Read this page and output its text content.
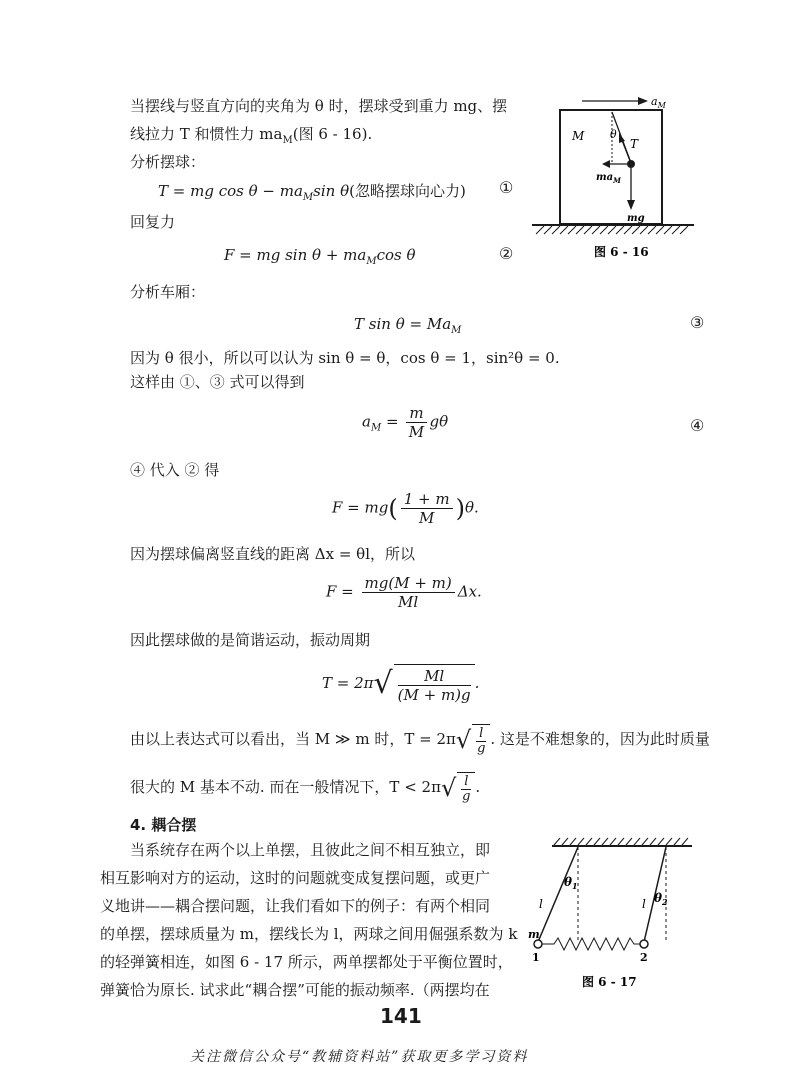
当摆线与竖直方向的夹角为 θ 时，摆球受到重力 mg、摆
线拉力 T 和惯性力 $ma_M$(图 6 - 16).
$a_M$
M θ
T
$ma_M$
mg
图 6 - 16
分析摆球：
T = mg $\cos \theta - ma_M\sin$ θ(忽略摆球向心力) ①
回复力
F = mg $\sin \theta + ma_M\cos$ θ	②
分析车厢：
T $\sin \theta = Ma_M$	③
因为 θ 很小，所以可以认为 sin θ = θ，cos θ = 1，sin²θ = 0.
这样由 ①、③ 式可以得到
$a_M = \frac{m}{M}$ gθ	④
④ 代入 ② 得
$F = mg( \frac{1 + m}{M} )\theta$.
因为摆球偏离竖直线的距离 Δx = θl，所以
$F = \frac{mg(M + m)}{Ml} \Delta x$.
因此摆球做的是简谐运动，振动周期
$T = 2\pi√ \frac{Ml}{(M + m)g}$ .
由以上表达式可以看出，当 M ≫ m 时，$T = 2\pi√ \frac{l}{g}$ . 这是不难想象的，因为此时质量
很大的 M 基本不动. 而在一般情况下，$T < 2\pi√ \frac{l}{g}$ .
4. 耦合摆
当系统存在两个以上单摆，且彼此之间不相互独立，即
相互影响对方的运动，这时的问题就变成复摆问题，或更广
义地讲——耦合摆问题，让我们看如下的例子：有两个相同
的单摆，摆球质量为 m，摆线长为 l，两球之间用倔强系数为 k
的轻弹簧相连，如图 6 - 17 所示，两单摆都处于平衡位置时，
弹簧恰为原长. 试求此“耦合摆”可能的振动频率.（两摆均在
$\theta_1$
$\theta_2$
l	l
m
1	2
图 6 - 17
141
关注微信公众号“教辅资料站”获取更多学习资料
